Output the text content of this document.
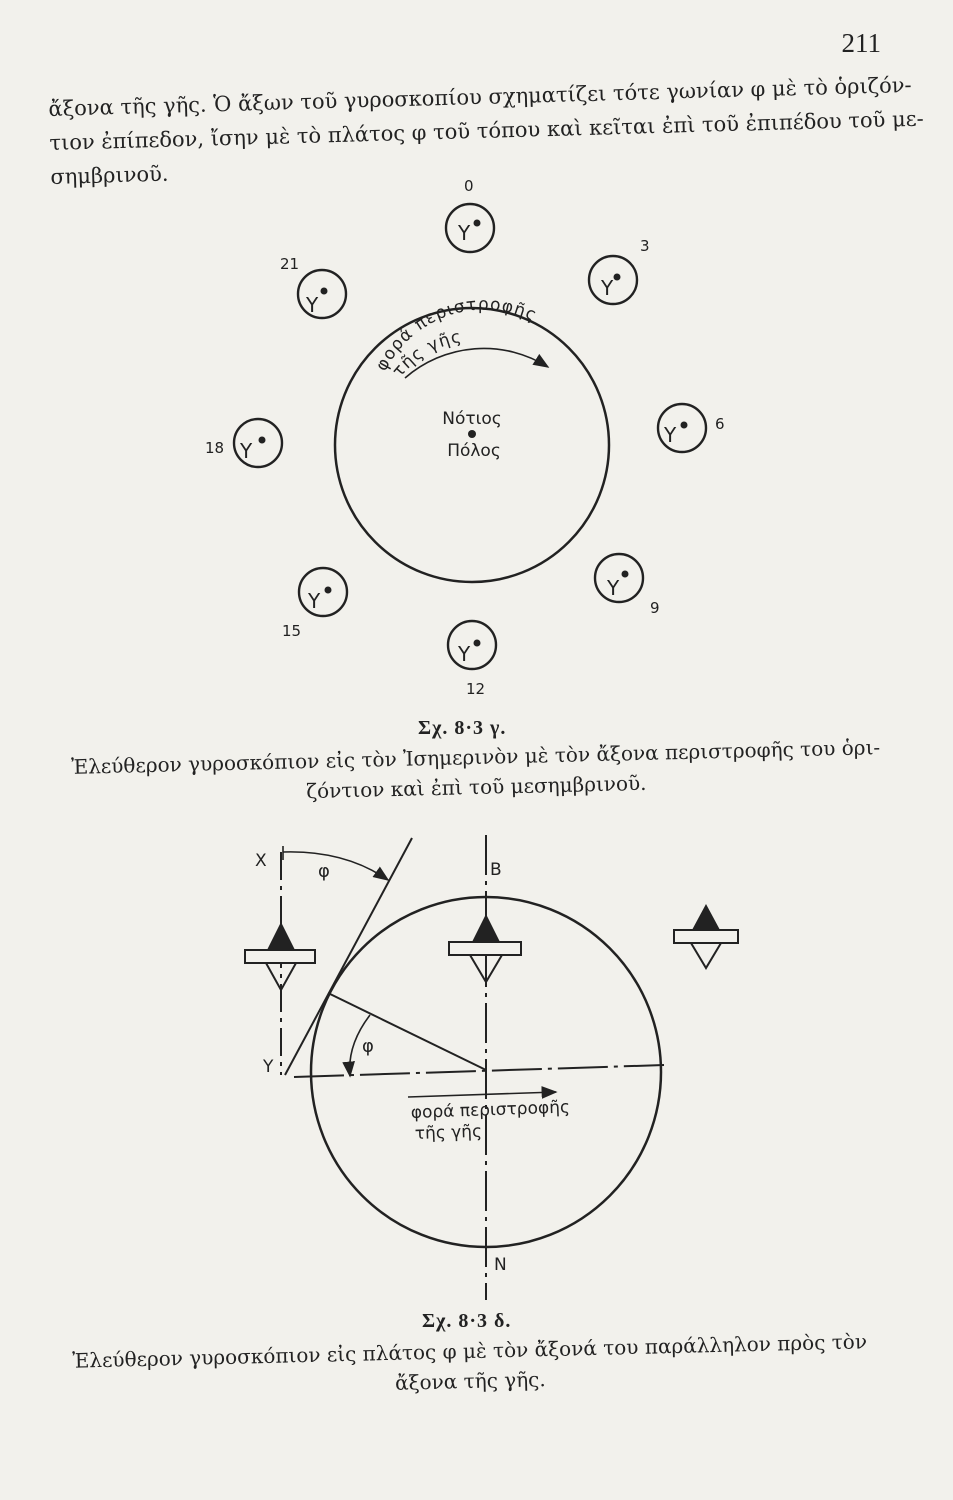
211
ἄξονα τῆς γῆς. Ὁ ἄξων τοῦ γυροσκοπίου σχηματίζει τότε γωνίαν φ μὲ τὸ ὁριζόν-
τιον ἐπίπεδον, ἴσην μὲ τὸ πλάτος φ τοῦ τόπου καὶ κεῖται ἐπὶ τοῦ ἐπιπέδου τοῦ με-
σημβρινοῦ.
Νότιος
Πόλος
φορά περιστροφῆς
τῆς γῆς
Y
Y
Y
Y
Y
Y
Y
Y
0
3
6
9
12
15
18
21
Σχ. 8·3 γ.
Ἐλεύθερον γυροσκόπιον εἰς τὸν Ἰσημερινὸν μὲ τὸν ἄξονα περιστροφῆς του ὁρι-
ζόντιον καὶ ἐπὶ τοῦ μεσημβρινοῦ.
φ
φ
X
Y
B
N
φορά περιστροφῆς
τῆς γῆς
Σχ. 8·3 δ.
Ἐλεύθερον γυροσκόπιον εἰς πλάτος φ μὲ τὸν ἄξονά του παράλληλον πρὸς τὸν
ἄξονα τῆς γῆς.
